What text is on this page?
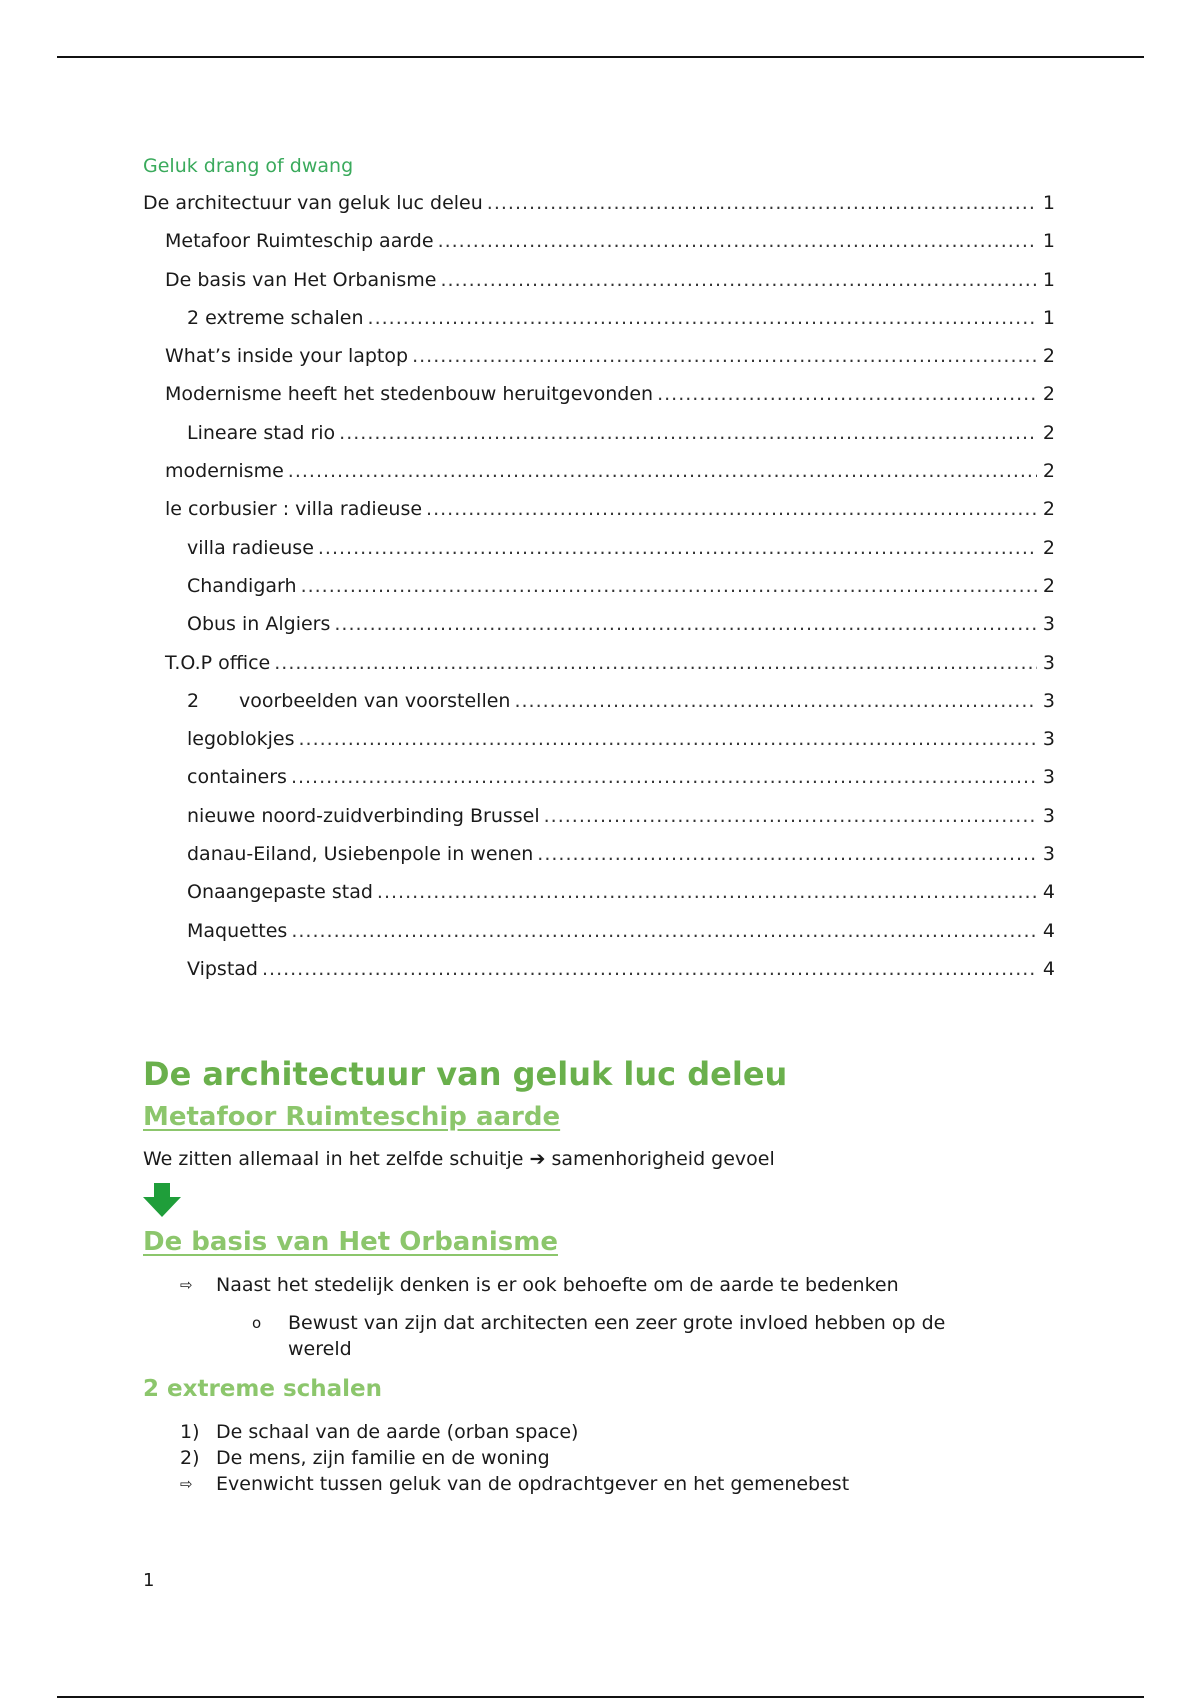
Geluk drang of dwang
De architectuur van geluk luc deleu .....	1
Metafoor Ruimteschip aarde .....	1
De basis van Het Orbanisme .....	1
2 extreme schalen .....	1
What’s inside your laptop .....	2
Modernisme heeft het stedenbouw heruitgevonden .....	2
Lineare stad rio .....	2
modernisme .....	2
le corbusier : villa radieuse .....	2
villa radieuse .....	2
Chandigarh .....	2
Obus in Algiers .....	3
T.O.P office .....	3
2	voorbeelden van voorstellen .....	3
legoblokjes .....	3
containers .....	3
nieuwe noord-zuidverbinding Brussel .....	3
danau-Eiland, Usiebenpole in wenen .....	3
Onaangepaste stad .....	4
Maquettes .....	4
Vipstad .....	4
De architectuur van geluk luc deleu
Metafoor Ruimteschip aarde
We zitten allemaal in het zelfde schuitje ➔ samenhorigheid gevoel
De basis van Het Orbanisme
⇨	Naast het stedelijk denken is er ook behoefte om de aarde te bedenken
o	Bewust van zijn dat architecten een zeer grote invloed hebben op de
wereld
2 extreme schalen
1) De schaal van de aarde (orban space)
2) De mens, zijn familie en de woning
⇨	Evenwicht tussen geluk van de opdrachtgever en het gemenebest
1
